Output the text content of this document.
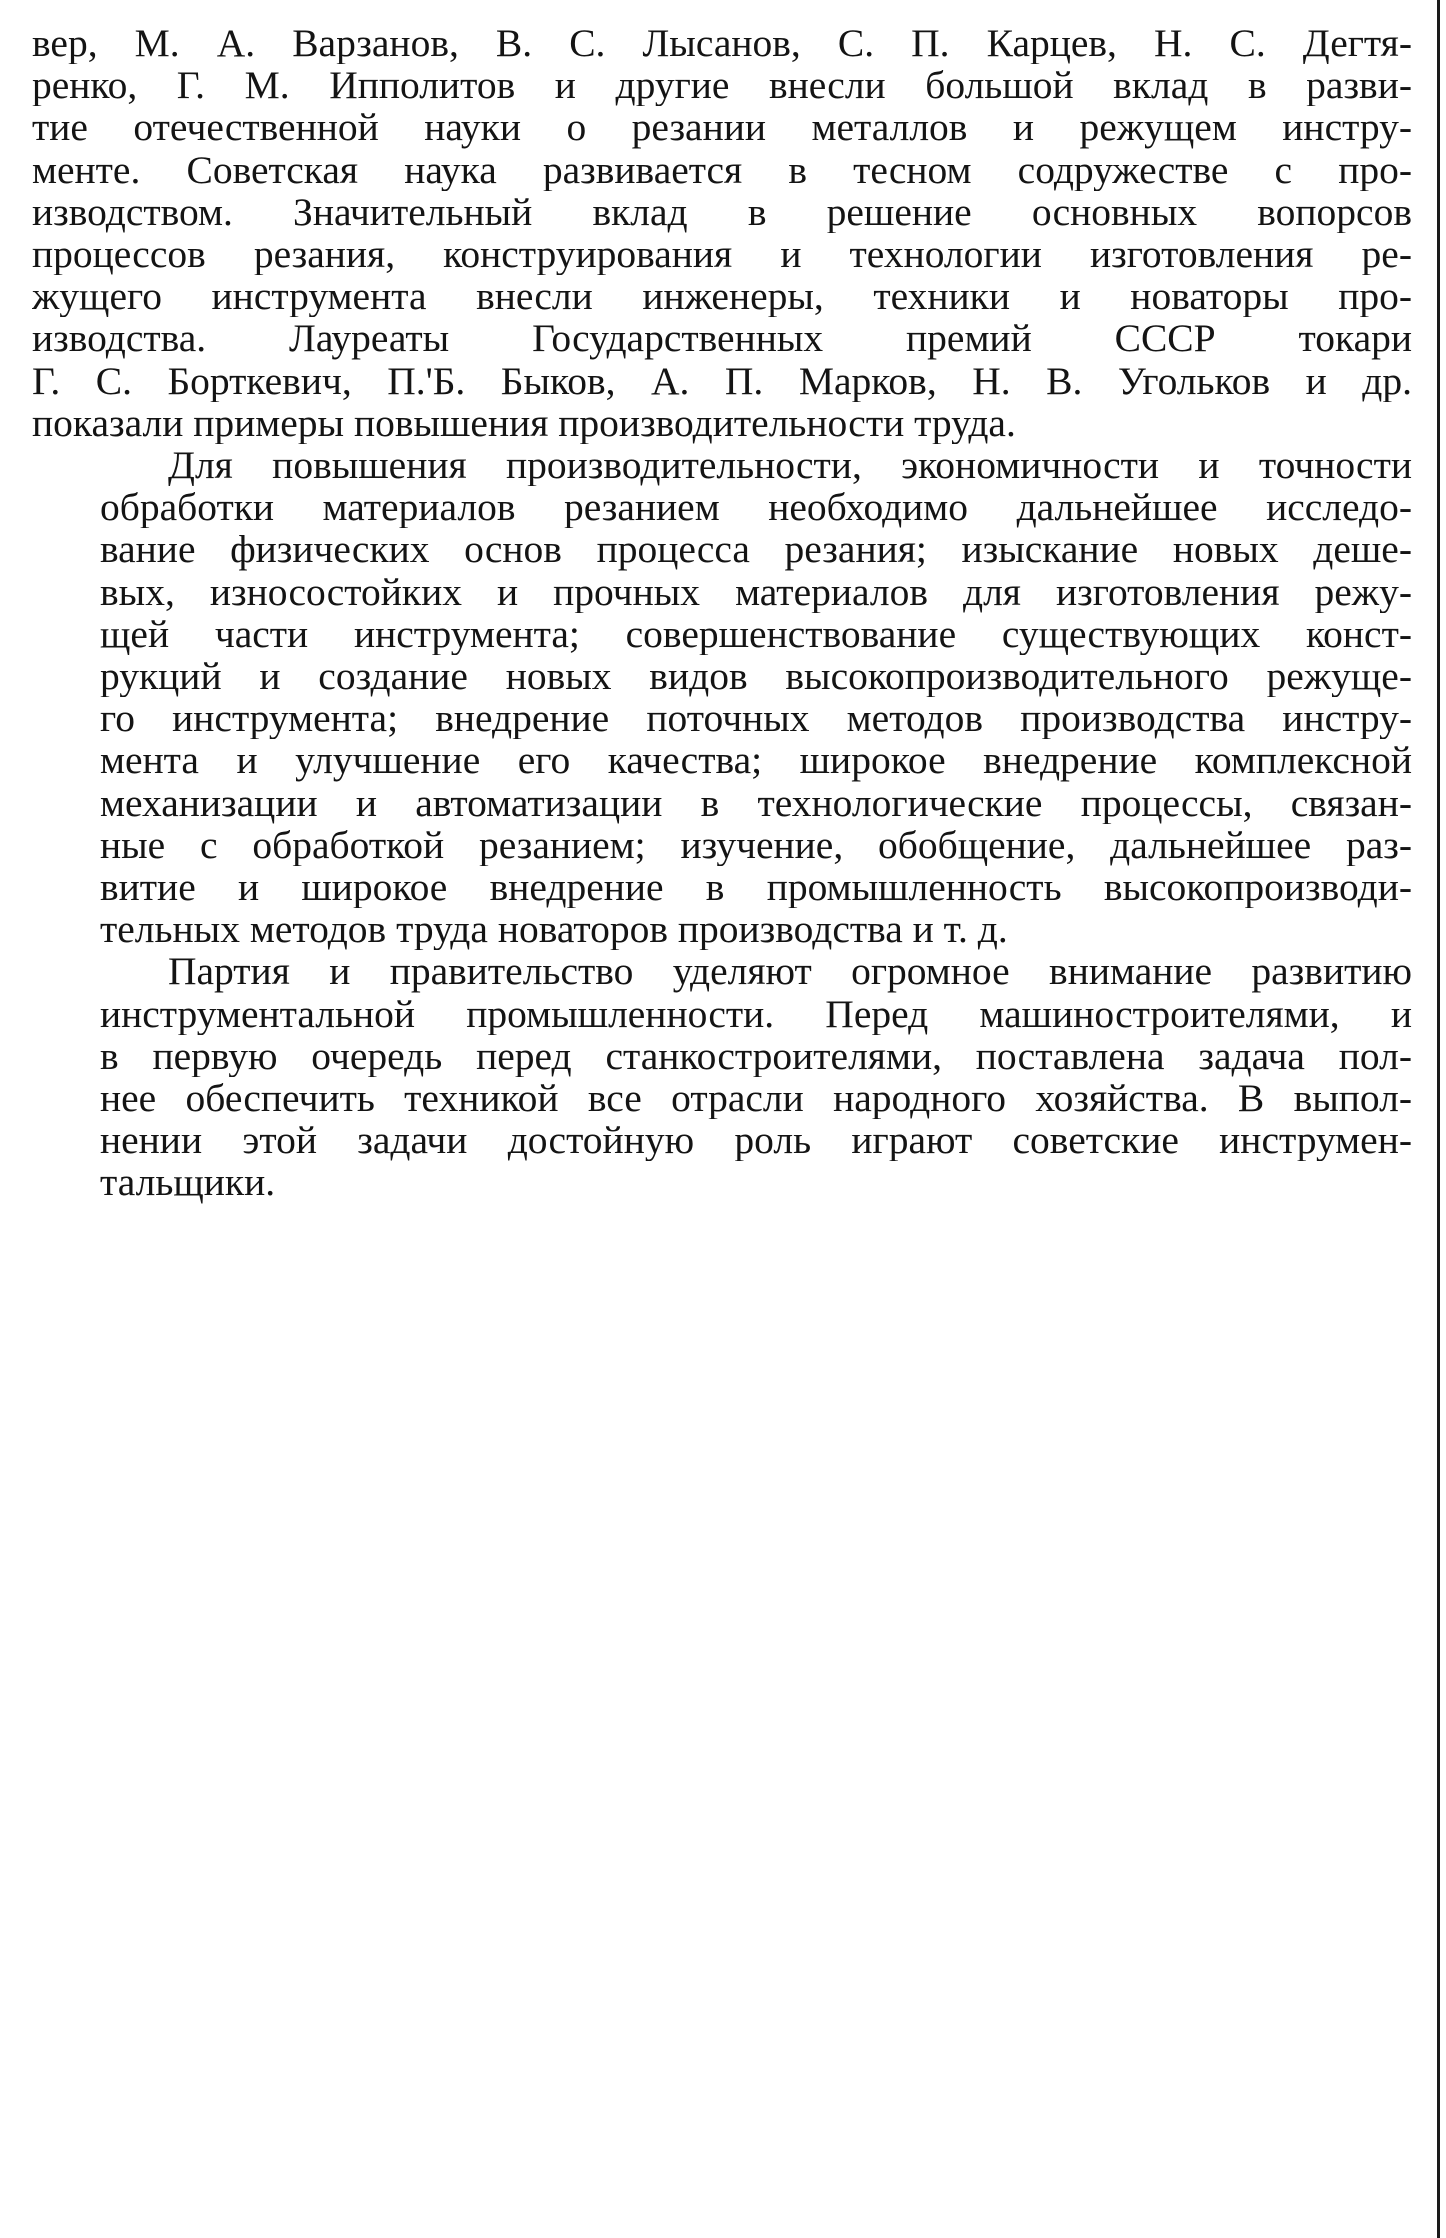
вер, М. А. Варзанов, В. С. Лысанов, С. П. Карцев, Н. С. Дегтя-
ренко, Г. М. Ипполитов и другие внесли большой вклад в разви-
тие отечественной науки о резании металлов и режущем инстру-
менте. Советская наука развивается в тесном содружестве с про-
изводством. Значительный вклад в решение основных вопорсов
процессов резания, конструирования и технологии изготовления ре-
жущего инструмента внесли инженеры, техники и новаторы про-
изводства. Лауреаты Государственных премий СССР токари
Г. С. Борткевич, П.'Б. Быков, А. П. Марков, Н. В. Угольков и др.
показали примеры повышения производительности труда.
Для повышения производительности, экономичности и точности
обработки материалов резанием необходимо дальнейшее исследо-
вание физических основ процесса резания; изыскание новых деше-
вых, износостойких и прочных материалов для изготовления режу-
щей части инструмента; совершенствование существующих конст-
рукций и создание новых видов высокопроизводительного режуще-
го инструмента; внедрение поточных методов производства инстру-
мента и улучшение его качества; широкое внедрение комплексной
механизации и автоматизации в технологические процессы, связан-
ные с обработкой резанием; изучение, обобщение, дальнейшее раз-
витие и широкое внедрение в промышленность высокопроизводи-
тельных методов труда новаторов производства и т. д.
Партия и правительство уделяют огромное внимание развитию
инструментальной промышленности. Перед машиностроителями, и
в первую очередь перед станкостроителями, поставлена задача пол-
нее обеспечить техникой все отрасли народного хозяйства. В выпол-
нении этой задачи достойную роль играют советские инструмен-
тальщики.
